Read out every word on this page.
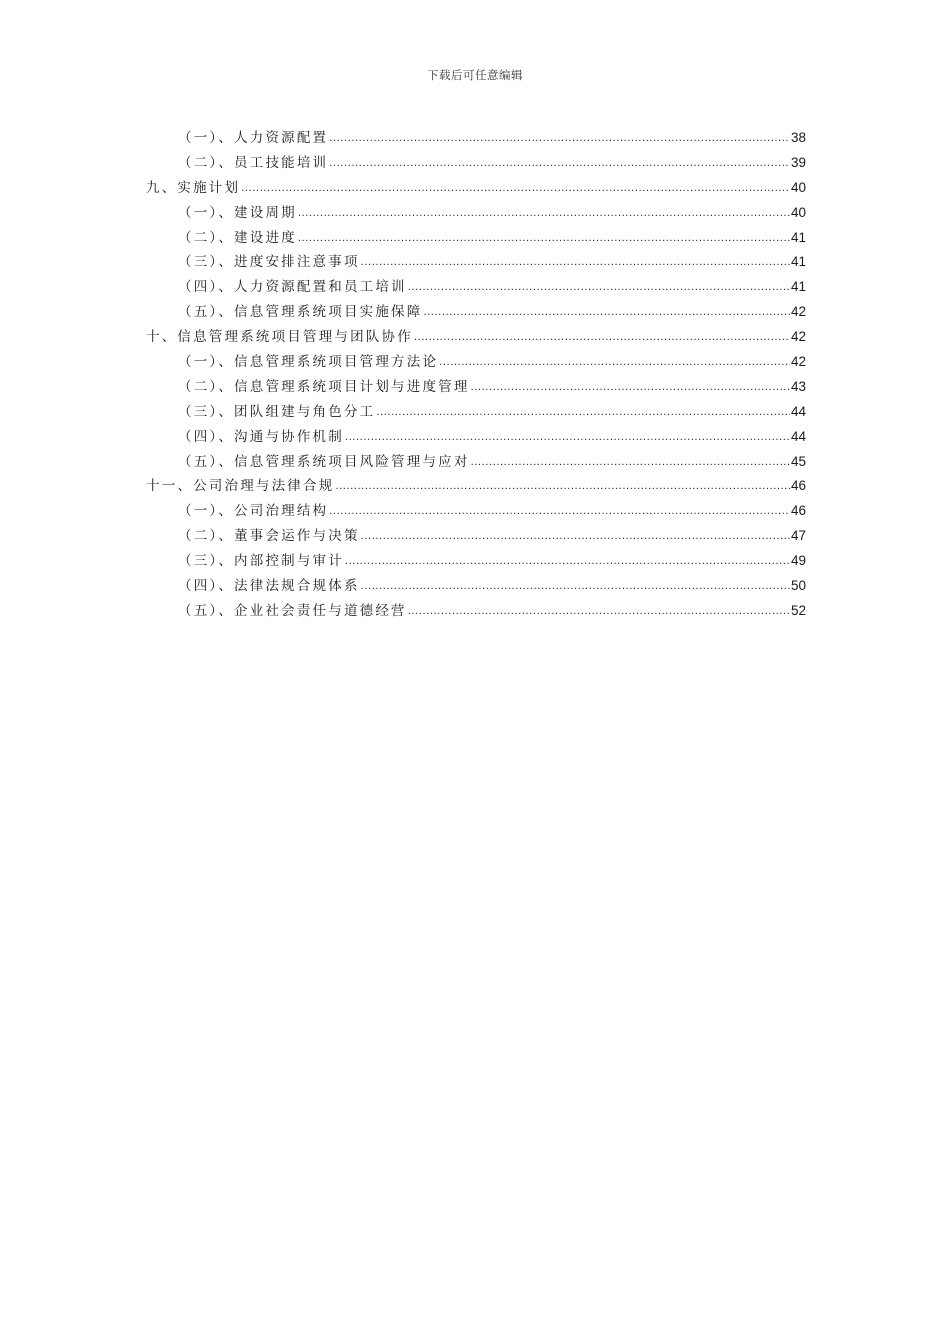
下载后可任意编辑
（一）、人力资源配置 .....	38
（二）、员工技能培训 .....	39
九、实施计划 .....	40
（一）、建设周期 .....	40
（二）、建设进度 .....	41
（三）、进度安排注意事项 .....	41
（四）、人力资源配置和员工培训 .....	41
（五）、信息管理系统项目实施保障 .....	42
十、信息管理系统项目管理与团队协作 .....	42
（一）、信息管理系统项目管理方法论 .....	42
（二）、信息管理系统项目计划与进度管理 .....	43
（三）、团队组建与角色分工 .....	44
（四）、沟通与协作机制 .....	44
（五）、信息管理系统项目风险管理与应对 .....	45
十一、公司治理与法律合规 .....	46
（一）、公司治理结构 .....	46
（二）、董事会运作与决策 .....	47
（三）、内部控制与审计 .....	49
（四）、法律法规合规体系 .....	50
（五）、企业社会责任与道德经营 .....	52
